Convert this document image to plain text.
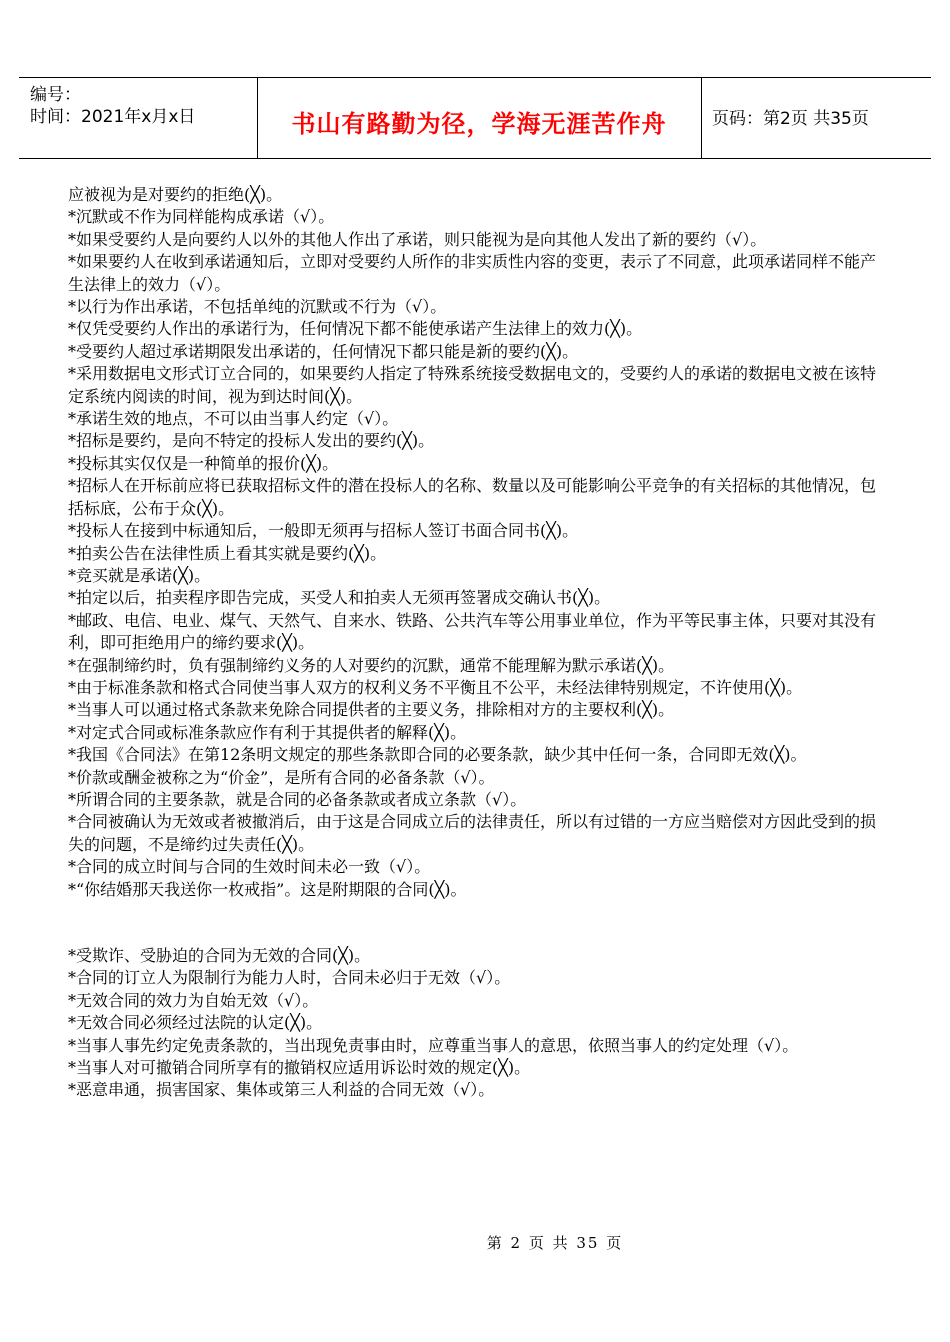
编号：
时间：2021年x月x日	书山有路勤为径，学海无涯苦作舟	页码：第2页 共35页

应被视为是对要约的拒绝(╳)。

*沉默或不作为同样能构成承诺（√）。

*如果受要约人是向要约人以外的其他人作出了承诺，则只能视为是向其他人发出了新的要约（√）。

*如果要约人在收到承诺通知后，立即对受要约人所作的非实质性内容的变更，表示了不同意，此项承诺同样不能产生法律上的效力（√）。

*以行为作出承诺，不包括单纯的沉默或不行为（√）。

*仅凭受要约人作出的承诺行为，任何情况下都不能使承诺产生法律上的效力(╳)。

*受要约人超过承诺期限发出承诺的，任何情况下都只能是新的要约(╳)。

*采用数据电文形式订立合同的，如果要约人指定了特殊系统接受数据电文的，受要约人的承诺的数据电文被在该特定系统内阅读的时间，视为到达时间(╳)。

*承诺生效的地点，不可以由当事人约定（√）。

*招标是要约，是向不特定的投标人发出的要约(╳)。

*投标其实仅仅是一种简单的报价(╳)。

*招标人在开标前应将已获取招标文件的潜在投标人的名称、数量以及可能影响公平竞争的有关招标的其他情况，包括标底，公布于众(╳)。

*投标人在接到中标通知后，一般即无须再与招标人签订书面合同书(╳)。

*拍卖公告在法律性质上看其实就是要约(╳)。

*竞买就是承诺(╳)。

*拍定以后，拍卖程序即告完成，买受人和拍卖人无须再签署成交确认书(╳)。

*邮政、电信、电业、煤气、天然气、自来水、铁路、公共汽车等公用事业单位，作为平等民事主体，只要对其没有利，即可拒绝用户的缔约要求(╳)。

*在强制缔约时，负有强制缔约义务的人对要约的沉默，通常不能理解为默示承诺(╳)。

*由于标准条款和格式合同使当事人双方的权利义务不平衡且不公平，未经法律特别规定，不许使用(╳)。

*当事人可以通过格式条款来免除合同提供者的主要义务，排除相对方的主要权利(╳)。

*对定式合同或标准条款应作有利于其提供者的解释(╳)。

*我国《合同法》在第12条明文规定的那些条款即合同的必要条款，缺少其中任何一条，合同即无效(╳)。

*价款或酬金被称之为“价金”，是所有合同的必备条款（√）。

*所谓合同的主要条款，就是合同的必备条款或者成立条款（√）。

*合同被确认为无效或者被撤消后，由于这是合同成立后的法律责任，所以有过错的一方应当赔偿对方因此受到的损失的问题，不是缔约过失责任(╳)。

*合同的成立时间与合同的生效时间未必一致（√）。

*“你结婚那天我送你一枚戒指”。这是附期限的合同(╳)。

*受欺诈、受胁迫的合同为无效的合同(╳)。

*合同的订立人为限制行为能力人时，合同未必归于无效（√）。

*无效合同的效力为自始无效（√）。

*无效合同必须经过法院的认定(╳)。

*当事人事先约定免责条款的，当出现免责事由时，应尊重当事人的意思，依照当事人的约定处理（√）。

*当事人对可撤销合同所享有的撤销权应适用诉讼时效的规定(╳)。

*恶意串通，损害国家、集体或第三人利益的合同无效（√）。

第 2 页 共 35 页
